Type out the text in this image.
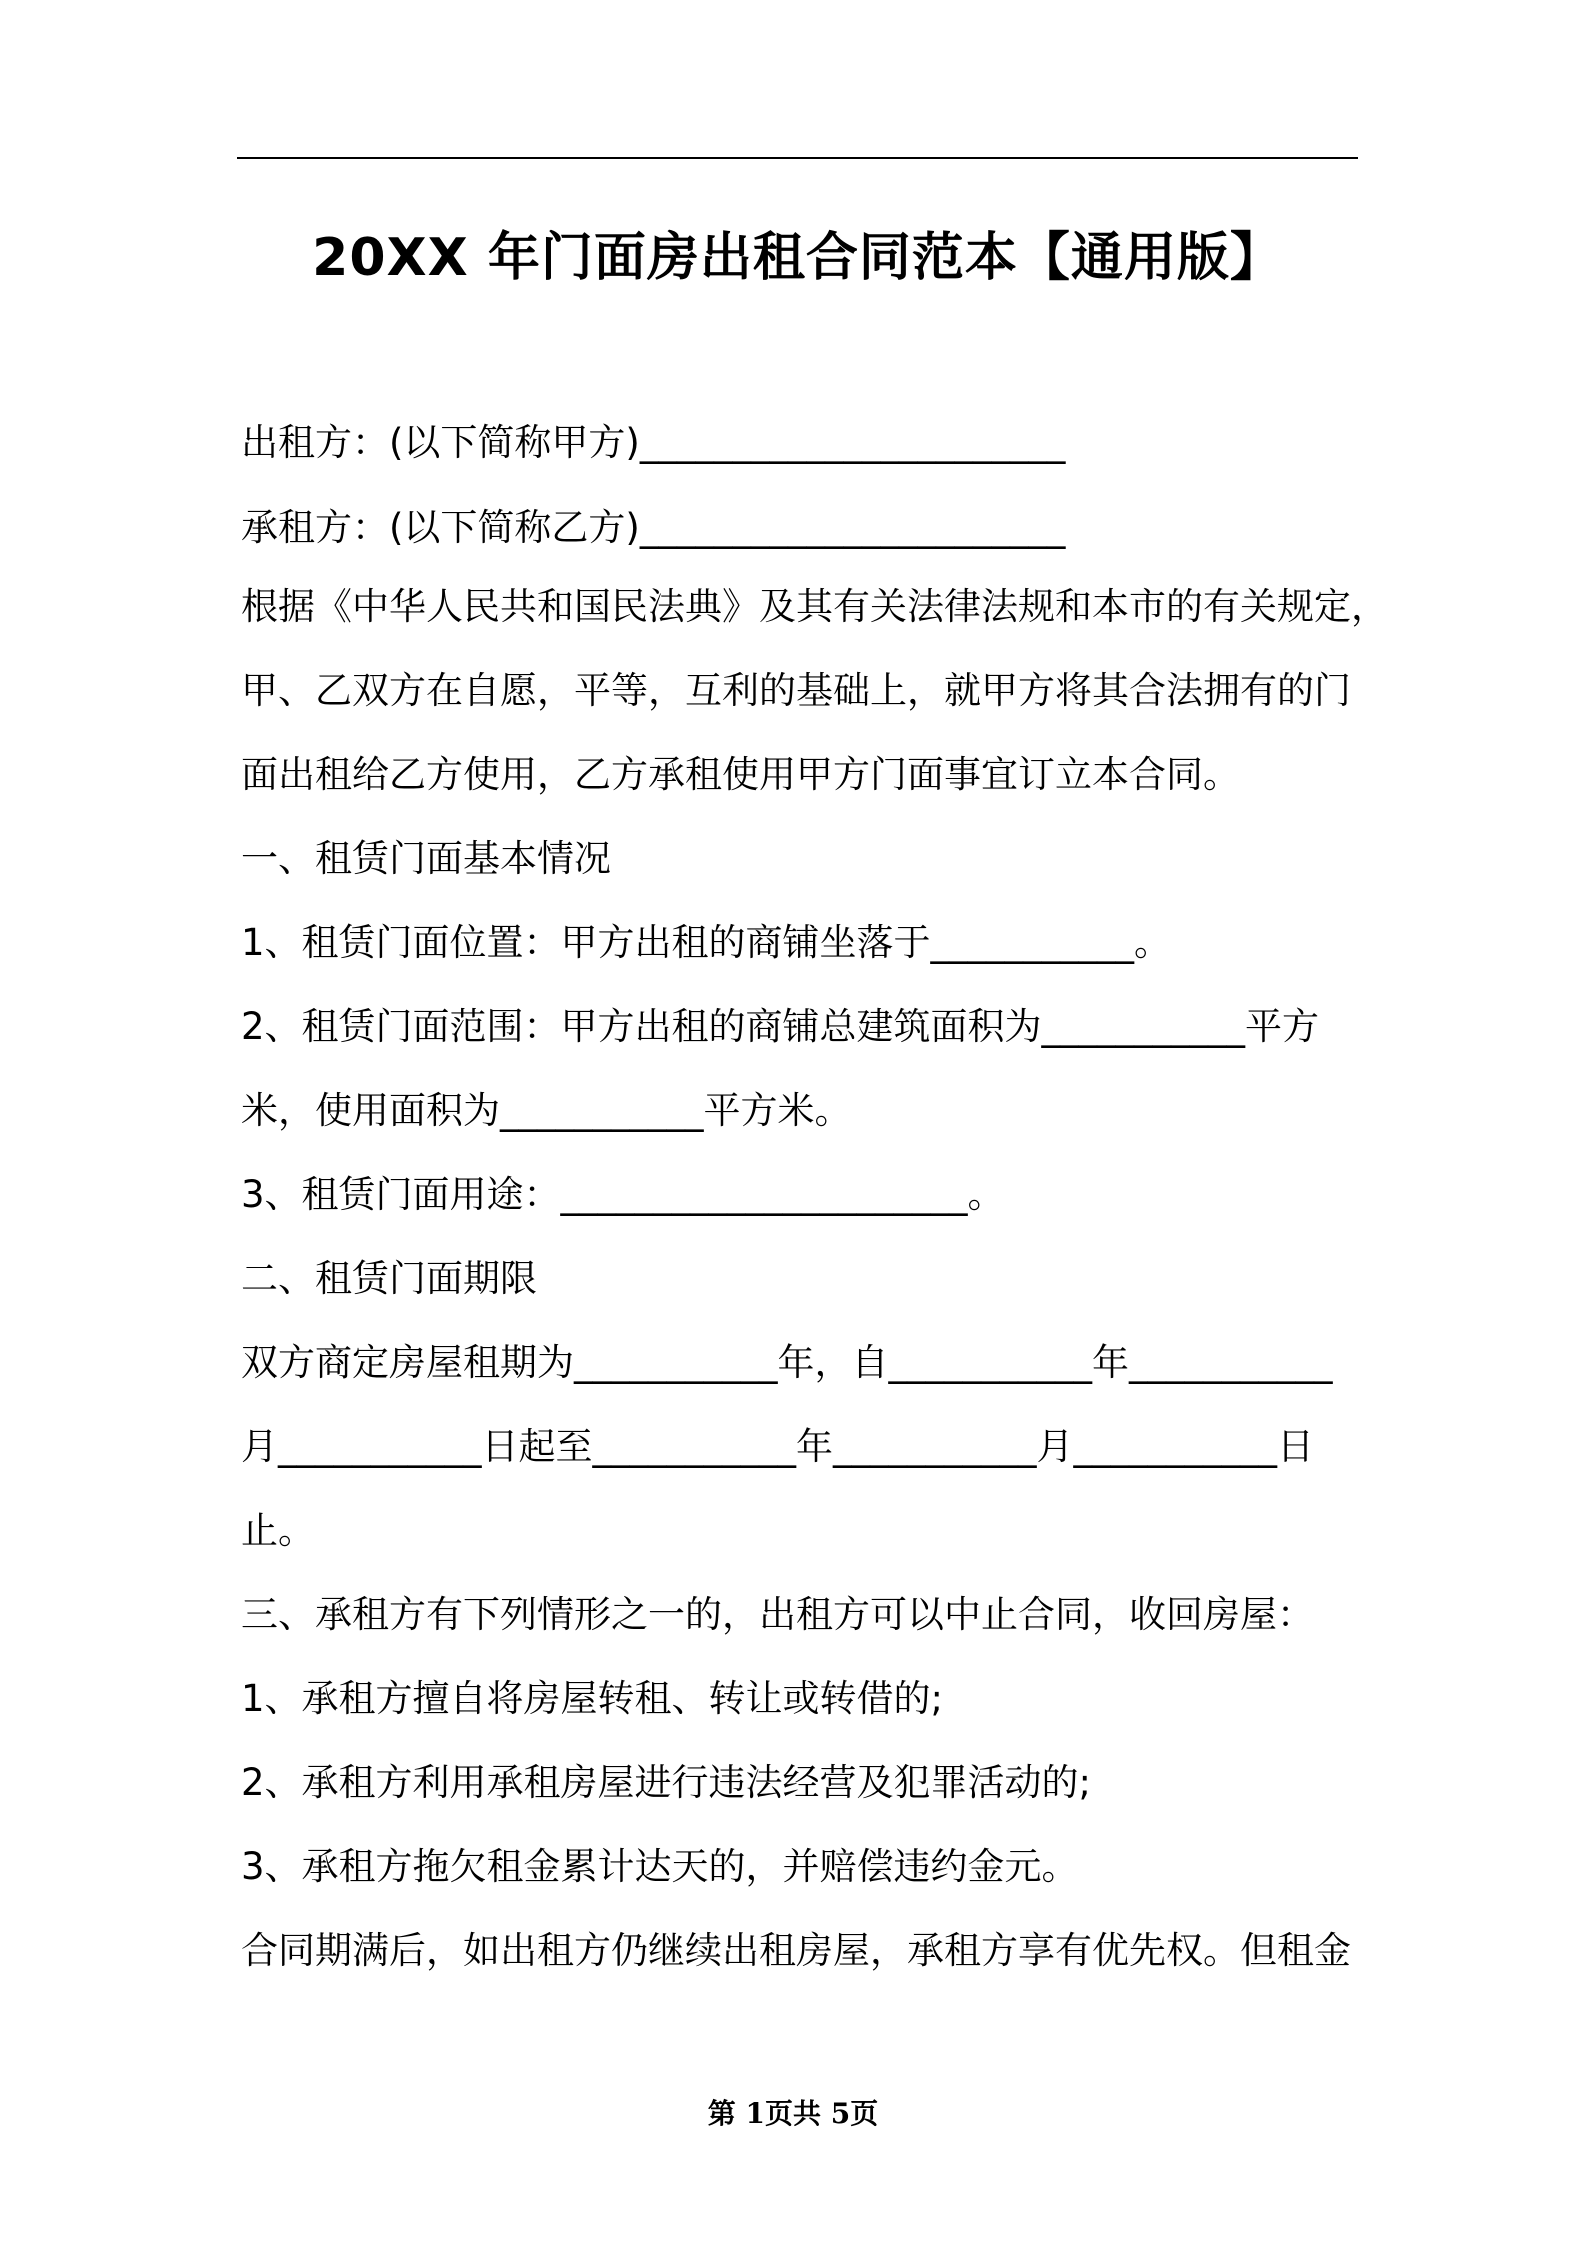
20XX 年门面房出租合同范本【通用版】
出租方：(以下简称甲方)_______________________
承租方：(以下简称乙方)_______________________
根据《中华人民共和国民法典》及其有关法律法规和本市的有关规定，
甲、乙双方在自愿，平等，互利的基础上，就甲方将其合法拥有的门
面出租给乙方使用，乙方承租使用甲方门面事宜订立本合同。
一、租赁门面基本情况
1、租赁门面位置：甲方出租的商铺坐落于___________。
2、租赁门面范围：甲方出租的商铺总建筑面积为___________平方
米，使用面积为___________平方米。
3、租赁门面用途：______________________。
二、租赁门面期限
双方商定房屋租期为___________年，自___________年___________
月___________日起至___________年___________月___________日
止。
三、承租方有下列情形之一的，出租方可以中止合同，收回房屋：
1、承租方擅自将房屋转租、转让或转借的;
2、承租方利用承租房屋进行违法经营及犯罪活动的;
3、承租方拖欠租金累计达天的，并赔偿违约金元。
合同期满后，如出租方仍继续出租房屋，承租方享有优先权。但租金
第 1页共 5页
